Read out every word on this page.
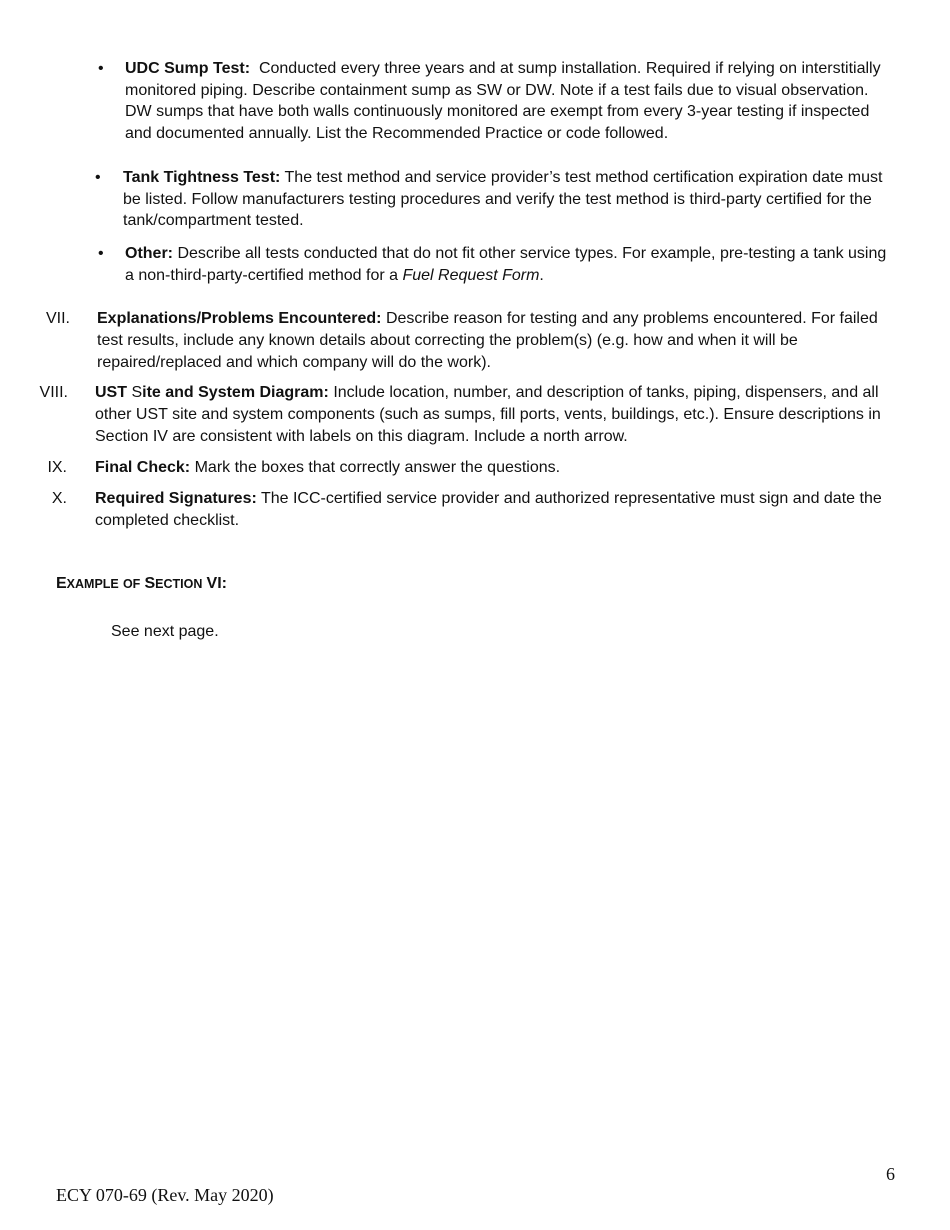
• UDC Sump Test: Conducted every three years and at sump installation. Required if relying on interstitially monitored piping. Describe containment sump as SW or DW. Note if a test fails due to visual observation. DW sumps that have both walls continuously monitored are exempt from every 3-year testing if inspected and documented annually. List the Recommended Practice or code followed.
• Tank Tightness Test: The test method and service provider’s test method certification expiration date must be listed. Follow manufacturers testing procedures and verify the test method is third-party certified for the tank/compartment tested.
• Other: Describe all tests conducted that do not fit other service types. For example, pre-testing a tank using a non-third-party-certified method for a Fuel Request Form.
VII. Explanations/Problems Encountered: Describe reason for testing and any problems encountered. For failed test results, include any known details about correcting the problem(s) (e.g. how and when it will be repaired/replaced and which company will do the work).
VIII. UST Site and System Diagram: Include location, number, and description of tanks, piping, dispensers, and all other UST site and system components (such as sumps, fill ports, vents, buildings, etc.). Ensure descriptions in Section IV are consistent with labels on this diagram. Include a north arrow.
IX. Final Check: Mark the boxes that correctly answer the questions.
X. Required Signatures: The ICC-certified service provider and authorized representative must sign and date the completed checklist.
EXAMPLE OF SECTION VI:
See next page.
6
ECY 070-69 (Rev. May 2020)
